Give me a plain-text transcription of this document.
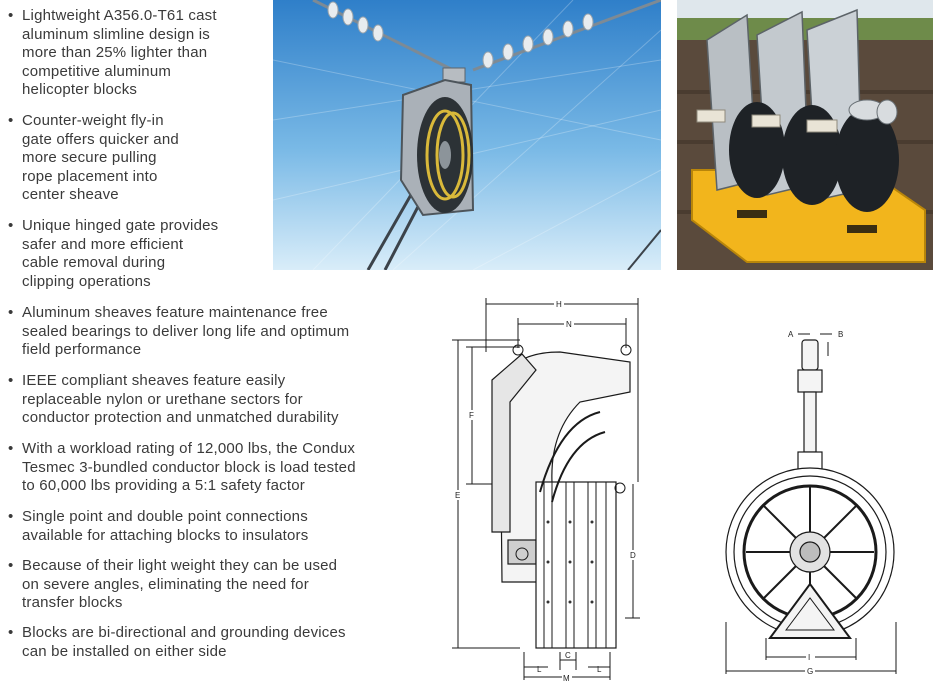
• Lightweight A356.0-T61 cast
aluminum slimline design is
more than 25% lighter than
competitive aluminum
helicopter blocks
• Counter-weight fly-in
gate offers quicker and
more secure pulling
rope placement into
center sheave
• Unique hinged gate provides
safer and more efficient
cable removal during
clipping operations
• Aluminum sheaves feature maintenance free
sealed bearings to deliver long life and optimum
field performance
• IEEE compliant sheaves feature easily
replaceable nylon or urethane sectors for
conductor protection and unmatched durability
• With a workload rating of 12,000 lbs, the Condux
Tesmec 3-bundled conductor block is load tested
to 60,000 lbs providing a 5:1 safety factor
• Single point and double point connections
available for attaching blocks to insulators
• Because of their light weight they can be used
on severe angles, eliminating the need for
transfer blocks
• Blocks are bi-directional and grounding devices
can be installed on either side
H
N
F
E
D
C
L	L
M
A	B
I
G
